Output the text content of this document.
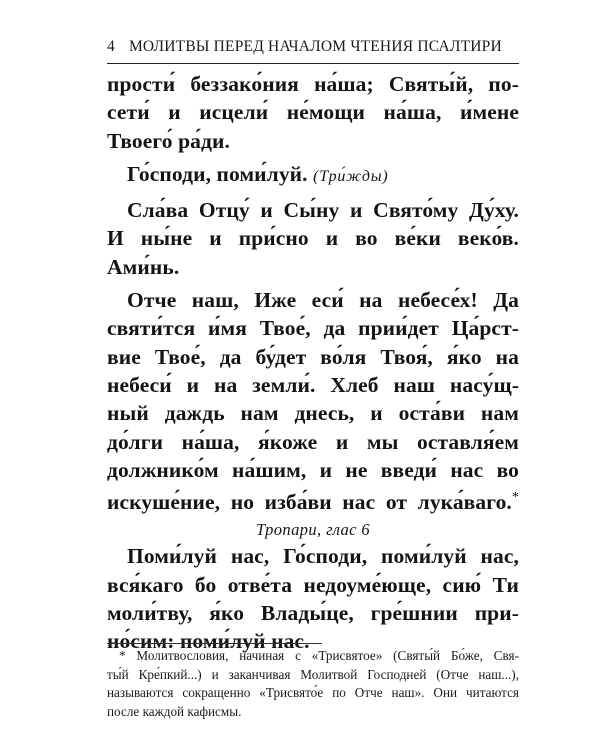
4 МОЛИТВЫ ПЕРЕД НАЧАЛОМ ЧТЕНИЯ ПСАЛТИРИ
прости́ беззако́ния на́ша; Святы́й, по-
сети́ и исцели́ не́мощи на́ша, и́мене
Твоего́ ра́ди.
Го́споди, поми́луй. (Три́жды)
Сла́ва Отцу́ и Сы́ну и Свято́му Ду́ху.
И ны́не и при́сно и во ве́ки веко́в.
Ами́нь.
Отче наш, Иже еси́ на небесе́х! Да
святи́тся и́мя Твое́, да прии́дет Ца́рст-
вие Твое́, да бу́дет во́ля Твоя́, я́ко на
небеси́ и на земли́. Хлеб наш насу́щ-
ный даждь нам днесь, и оста́ви нам
до́лги на́ша, я́коже и мы оставля́ем
должнико́м на́шим, и не введи́ нас во
искуше́ние, но изба́ви нас от лука́ваго.*
Тропари, глас 6
Поми́луй нас, Го́споди, поми́луй нас,
вся́каго бо отве́та недоуме́юще, сию́ Ти
моли́тву, я́ко Влады́це, гре́шнии при-
но́сим: поми́луй нас.
* Молитвословия, начиная с «Трисвятое» (Святы́й Бо́же, Свя-
ты́й Кре́пкий...) и заканчивая Молитвой Господней (Отче наш...),
называются сокращенно «Трисвято́е по Отче наш». Они читаются
после каждой кафисмы.
